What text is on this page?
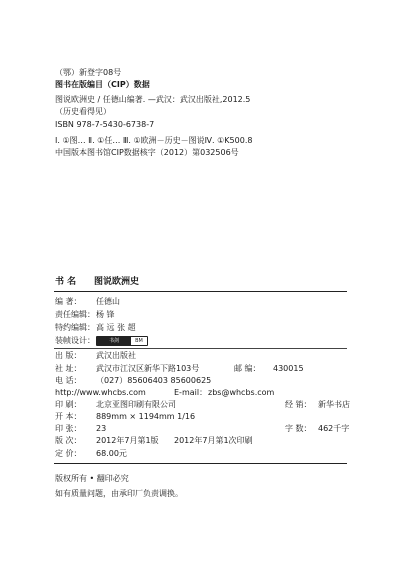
（鄂）新登字08号
图书在版编目（CIP）数据
图说欧洲史 / 任德山编著. —武汉：武汉出版社,2012.5
（历史看得见）
ISBN 978-7-5430-6738-7
Ⅰ. ①图… Ⅱ. ①任… Ⅲ. ①欧洲－历史－图说Ⅳ. ①K500.8
中国版本图书馆CIP数据核字（2012）第032506号
书 名 图说欧洲史
编 著： 任德山
责任编辑： 杨 锋
特约编辑： 高 远 张 超
装帧设计：	书剑	BM
出 版： 武汉出版社
社 址： 武汉市江汉区新华下路103号	邮 编： 430015
电 话： （027）85606403 85600625
http://www.whcbs.com	E-mail： zbs@whcbs.com
印 刷： 北京亚图印刷有限公司	经 销： 新华书店
开 本： 889mm × 1194mm 1/16
印 张： 23	字 数： 462千字
版 次： 2012年7月第1版 2012年7月第1次印刷
定 价： 68.00元
版权所有 • 翻印必究
如有质量问题，由承印厂负责调换。
